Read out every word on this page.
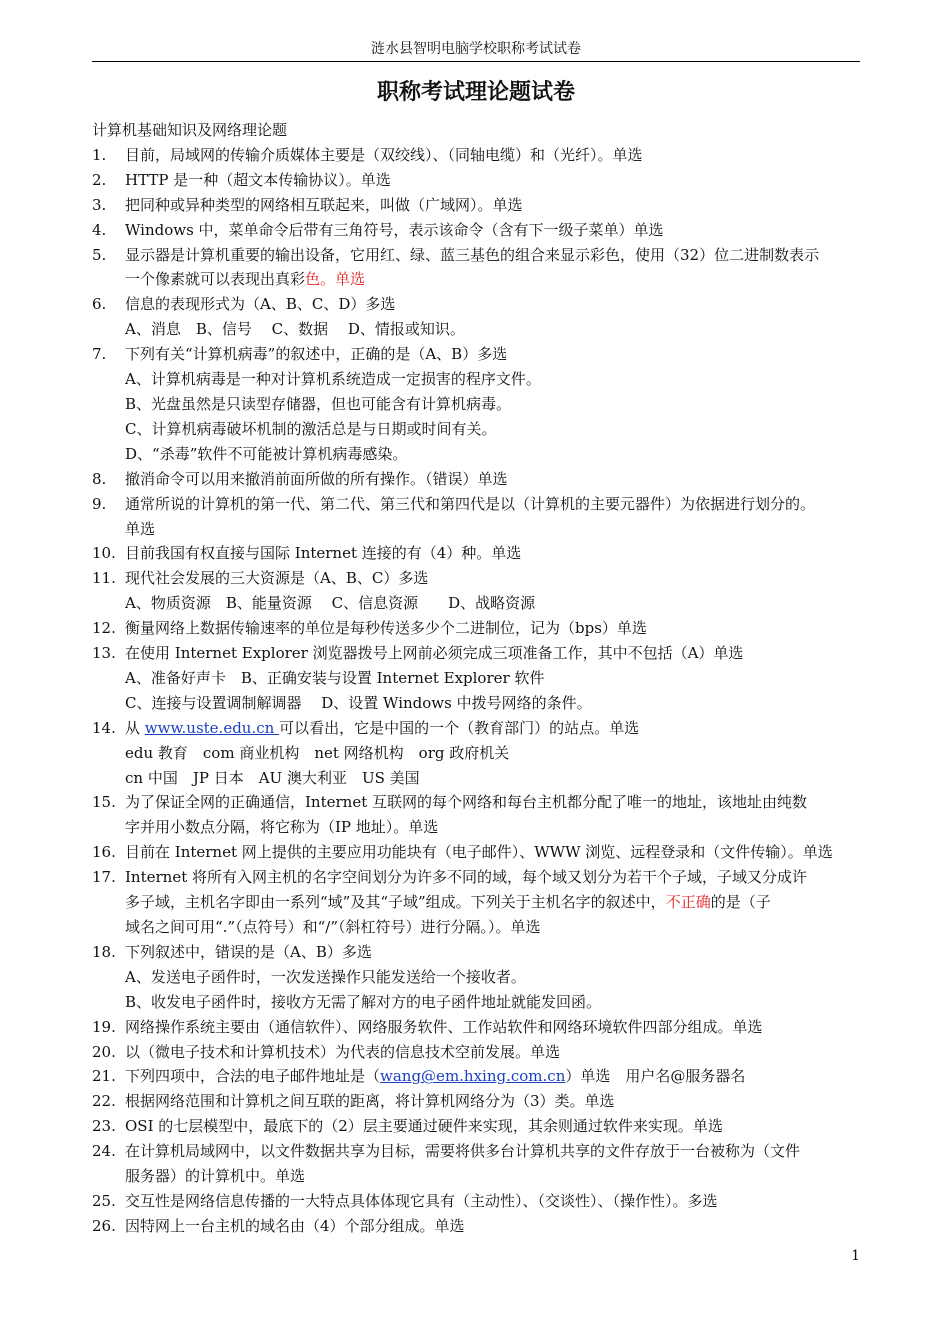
涟水县智明电脑学校职称考试试卷
职称考试理论题试卷
计算机基础知识及网络理论题
1. 目前，局域网的传输介质媒体主要是（双绞线）、（同轴电缆）和（光纤）。单选
2. HTTP 是一种（超文本传输协议）。单选
3. 把同种或异种类型的网络相互联起来，叫做（广域网）。单选
4. Windows 中，菜单命令后带有三角符号，表示该命令（含有下一级子菜单）单选
5. 显示器是计算机重要的输出设备，它用红、绿、蓝三基色的组合来显示彩色，使用（32）位二进制数表示
一个像素就可以表现出真彩色。单选
6. 信息的表现形式为（A、B、C、D）多选
A、消息　B、信号　 C、数据　 D、情报或知识。
7. 下列有关“计算机病毒”的叙述中，正确的是（A、B）多选
A、计算机病毒是一种对计算机系统造成一定损害的程序文件。
B、光盘虽然是只读型存储器，但也可能含有计算机病毒。
C、计算机病毒破坏机制的激活总是与日期或时间有关。
D、“杀毒”软件不可能被计算机病毒感染。
8. 撤消命令可以用来撤消前面所做的所有操作。（错误）单选
9. 通常所说的计算机的第一代、第二代、第三代和第四代是以（计算机的主要元器件）为依据进行划分的。
单选
10. 目前我国有权直接与国际 Internet 连接的有（4）种。单选
11. 现代社会发展的三大资源是（A、B、C）多选
A、物质资源　B、能量资源　 C、信息资源　　D、战略资源
12. 衡量网络上数据传输速率的单位是每秒传送多少个二进制位，记为（bps）单选
13. 在使用 Internet Explorer 浏览器拨号上网前必须完成三项准备工作，其中不包括（A）单选
A、准备好声卡　B、正确安装与设置 Internet Explorer 软件
C、连接与设置调制解调器　 D、设置 Windows 中拨号网络的条件。
14. 从 www.uste.edu.cn 可以看出，它是中国的一个（教育部门）的站点。单选
edu 教育　com 商业机构　net 网络机构　org 政府机关
cn 中国　JP 日本　AU 澳大利亚　US 美国
15. 为了保证全网的正确通信，Internet 互联网的每个网络和每台主机都分配了唯一的地址，该地址由纯数
字并用小数点分隔，将它称为（IP 地址）。单选
16. 目前在 Internet 网上提供的主要应用功能块有（电子邮件）、WWW 浏览、远程登录和（文件传输）。单选
17. Internet 将所有入网主机的名字空间划分为许多不同的域，每个域又划分为若干个子域，子域又分成许
多子域，主机名字即由一系列“域”及其“子域”组成。下列关于主机名字的叙述中，不正确的是（子
域名之间可用“.”（点符号）和“/”（斜杠符号）进行分隔。）。单选
18. 下列叙述中，错误的是（A、B）多选
A、发送电子函件时，一次发送操作只能发送给一个接收者。
B、收发电子函件时，接收方无需了解对方的电子函件地址就能发回函。
19. 网络操作系统主要由（通信软件）、网络服务软件、工作站软件和网络环境软件四部分组成。单选
20. 以（微电子技术和计算机技术）为代表的信息技术空前发展。单选
21. 下列四项中，合法的电子邮件地址是（wang@em.hxing.com.cn）单选　用户名@服务器名
22. 根据网络范围和计算机之间互联的距离，将计算机网络分为（3）类。单选
23. OSI 的七层模型中，最底下的（2）层主要通过硬件来实现，其余则通过软件来实现。单选
24. 在计算机局域网中，以文件数据共享为目标，需要将供多台计算机共享的文件存放于一台被称为（文件
服务器）的计算机中。单选
25. 交互性是网络信息传播的一大特点具体体现它具有（主动性）、（交谈性）、（操作性）。多选
26. 因特网上一台主机的域名由（4）个部分组成。单选
1
